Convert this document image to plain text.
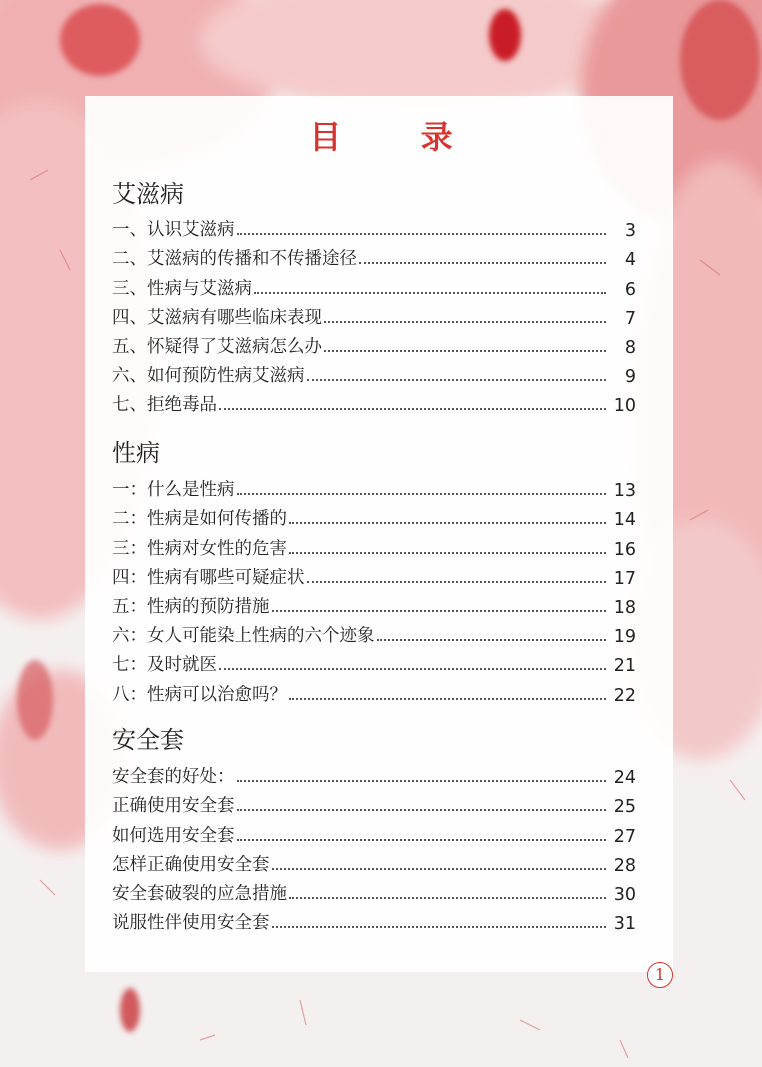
目 录
艾滋病
一、认识艾滋病	3
二、艾滋病的传播和不传播途径	4
三、性病与艾滋病	6
四、艾滋病有哪些临床表现	7
五、怀疑得了艾滋病怎么办	8
六、如何预防性病艾滋病	9
七、拒绝毒品	10
性病
一：什么是性病	13
二：性病是如何传播的	14
三：性病对女性的危害	16
四：性病有哪些可疑症状	17
五：性病的预防措施	18
六：女人可能染上性病的六个迹象	19
七：及时就医	21
八：性病可以治愈吗？	22
安全套
安全套的好处：	24
正确使用安全套	25
如何选用安全套	27
怎样正确使用安全套	28
安全套破裂的应急措施	30
说服性伴使用安全套	31
1
